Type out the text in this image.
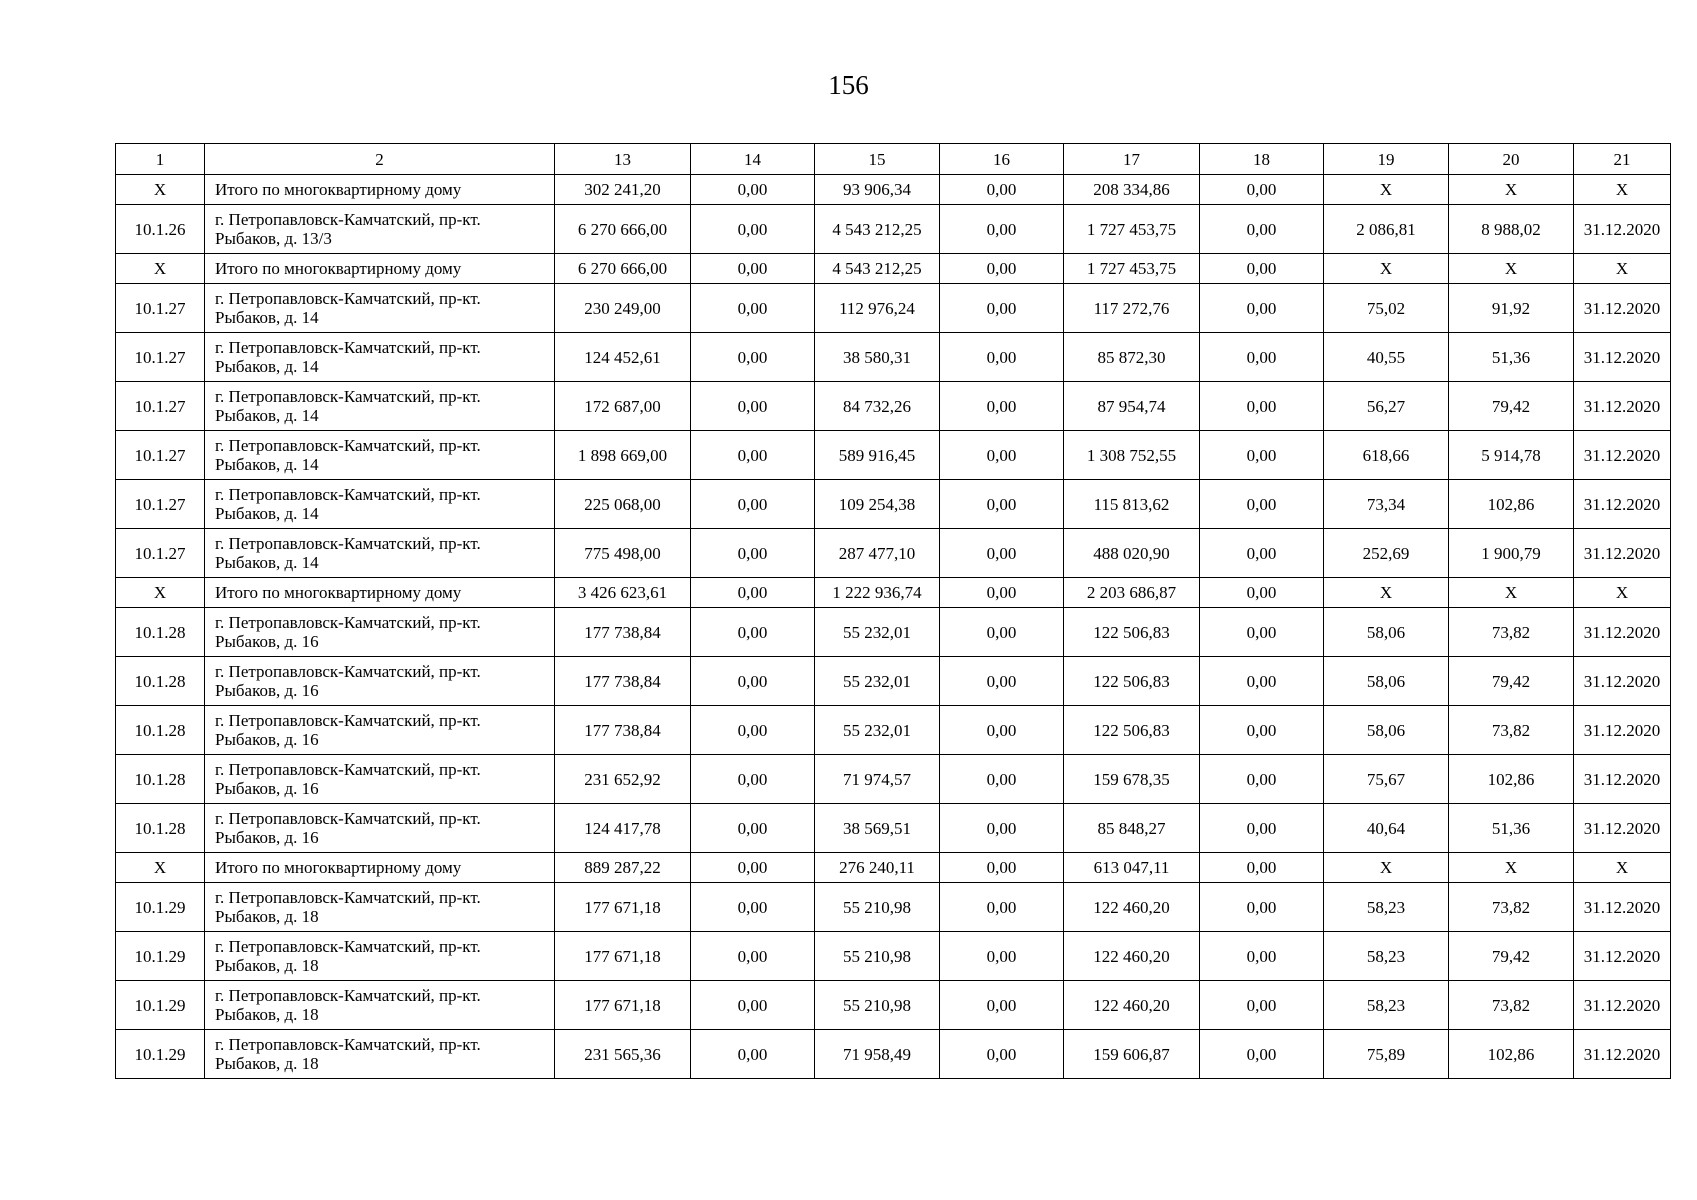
156
1	2	13	14	15	16	17	18	19	20	21
X	Итого по многоквартирному дому	302 241,20	0,00	93 906,34	0,00	208 334,86	0,00	X	X	X
10.1.26	г. Петропавловск-Камчатский, пр-кт. Рыбаков, д. 13/3	6 270 666,00	0,00	4 543 212,25	0,00	1 727 453,75	0,00	2 086,81	8 988,02	31.12.2020
X	Итого по многоквартирному дому	6 270 666,00	0,00	4 543 212,25	0,00	1 727 453,75	0,00	X	X	X
10.1.27	г. Петропавловск-Камчатский, пр-кт. Рыбаков, д. 14	230 249,00	0,00	112 976,24	0,00	117 272,76	0,00	75,02	91,92	31.12.2020
10.1.27	г. Петропавловск-Камчатский, пр-кт. Рыбаков, д. 14	124 452,61	0,00	38 580,31	0,00	85 872,30	0,00	40,55	51,36	31.12.2020
10.1.27	г. Петропавловск-Камчатский, пр-кт. Рыбаков, д. 14	172 687,00	0,00	84 732,26	0,00	87 954,74	0,00	56,27	79,42	31.12.2020
10.1.27	г. Петропавловск-Камчатский, пр-кт. Рыбаков, д. 14	1 898 669,00	0,00	589 916,45	0,00	1 308 752,55	0,00	618,66	5 914,78	31.12.2020
10.1.27	г. Петропавловск-Камчатский, пр-кт. Рыбаков, д. 14	225 068,00	0,00	109 254,38	0,00	115 813,62	0,00	73,34	102,86	31.12.2020
10.1.27	г. Петропавловск-Камчатский, пр-кт. Рыбаков, д. 14	775 498,00	0,00	287 477,10	0,00	488 020,90	0,00	252,69	1 900,79	31.12.2020
X	Итого по многоквартирному дому	3 426 623,61	0,00	1 222 936,74	0,00	2 203 686,87	0,00	X	X	X
10.1.28	г. Петропавловск-Камчатский, пр-кт. Рыбаков, д. 16	177 738,84	0,00	55 232,01	0,00	122 506,83	0,00	58,06	73,82	31.12.2020
10.1.28	г. Петропавловск-Камчатский, пр-кт. Рыбаков, д. 16	177 738,84	0,00	55 232,01	0,00	122 506,83	0,00	58,06	79,42	31.12.2020
10.1.28	г. Петропавловск-Камчатский, пр-кт. Рыбаков, д. 16	177 738,84	0,00	55 232,01	0,00	122 506,83	0,00	58,06	73,82	31.12.2020
10.1.28	г. Петропавловск-Камчатский, пр-кт. Рыбаков, д. 16	231 652,92	0,00	71 974,57	0,00	159 678,35	0,00	75,67	102,86	31.12.2020
10.1.28	г. Петропавловск-Камчатский, пр-кт. Рыбаков, д. 16	124 417,78	0,00	38 569,51	0,00	85 848,27	0,00	40,64	51,36	31.12.2020
X	Итого по многоквартирному дому	889 287,22	0,00	276 240,11	0,00	613 047,11	0,00	X	X	X
10.1.29	г. Петропавловск-Камчатский, пр-кт. Рыбаков, д. 18	177 671,18	0,00	55 210,98	0,00	122 460,20	0,00	58,23	73,82	31.12.2020
10.1.29	г. Петропавловск-Камчатский, пр-кт. Рыбаков, д. 18	177 671,18	0,00	55 210,98	0,00	122 460,20	0,00	58,23	79,42	31.12.2020
10.1.29	г. Петропавловск-Камчатский, пр-кт. Рыбаков, д. 18	177 671,18	0,00	55 210,98	0,00	122 460,20	0,00	58,23	73,82	31.12.2020
10.1.29	г. Петропавловск-Камчатский, пр-кт. Рыбаков, д. 18	231 565,36	0,00	71 958,49	0,00	159 606,87	0,00	75,89	102,86	31.12.2020
